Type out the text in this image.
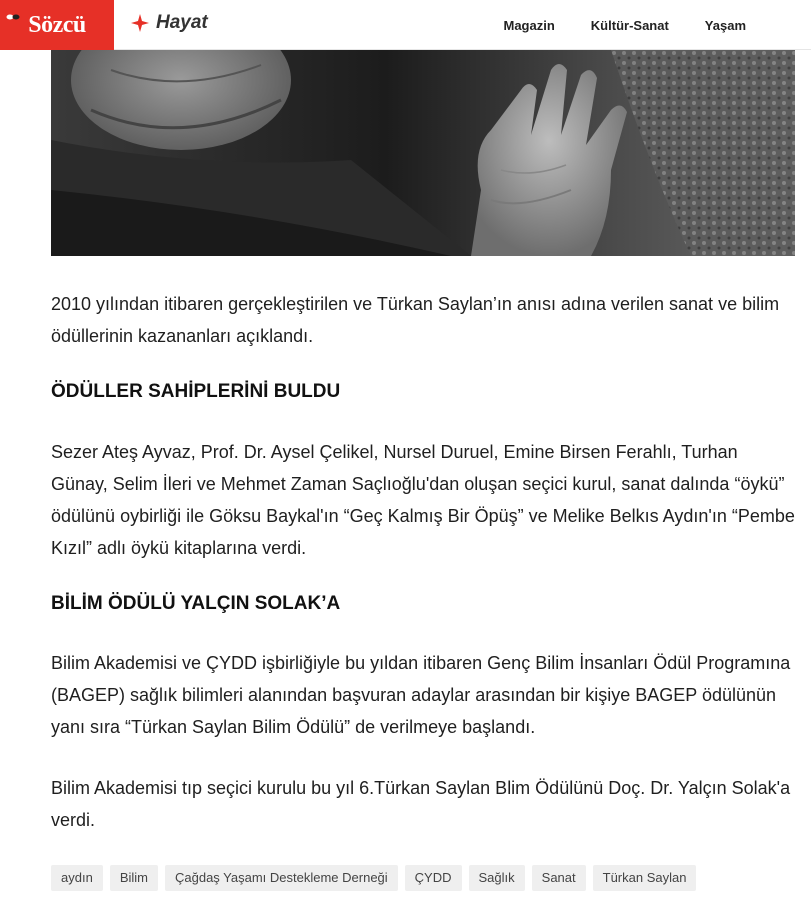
Sözcü	Hayat	Magazin	Kültür-Sanat	Yaşam

2010 yılından itibaren gerçekleştirilen ve Türkan Saylan’ın anısı adına verilen sanat ve bilim ödüllerinin kazananları açıklandı.

ÖDÜLLER SAHİPLERİNİ BULDU

Sezer Ateş Ayvaz, Prof. Dr. Aysel Çelikel, Nursel Duruel, Emine Birsen Ferahlı, Turhan Günay, Selim İleri ve Mehmet Zaman Saçlıoğlu'dan oluşan seçici kurul, sanat dalında “öykü” ödülünü oybirliği ile Göksu Baykal'ın “Geç Kalmış Bir Öpüş” ve Melike Belkıs Aydın'ın “Pembe Kızıl” adlı öykü kitaplarına verdi.

BİLİM ÖDÜLÜ YALÇIN SOLAK’A

Bilim Akademisi ve ÇYDD işbirliğiyle bu yıldan itibaren Genç Bilim İnsanları Ödül Programına (BAGEP) sağlık bilimleri alanından başvuran adaylar arasından bir kişiye BAGEP ödülünün yanı sıra “Türkan Saylan Bilim Ödülü” de verilmeye başlandı.

Bilim Akademisi tıp seçici kurulu bu yıl 6.Türkan Saylan Blim Ödülünü Doç. Dr. Yalçın Solak'a verdi.

aydın	Bilim	Çağdaş Yaşamı Destekleme Derneği	ÇYDD	Sağlık	Sanat	Türkan Saylan
